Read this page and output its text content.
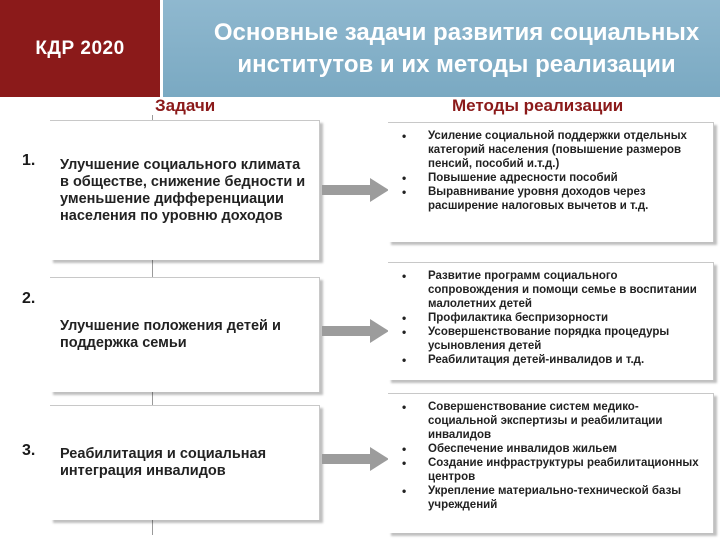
КДР 2020
Основные задачи развития социальных
институтов и их методы реализации
Задачи	Методы реализации
1. Улучшение социального климата в обществе, снижение бедности и уменьшение дифференциации населения по уровню доходов
• Усиление социальной поддержки отдельных категорий населения (повышение размеров пенсий, пособий и.т.д.)
• Повышение адресности пособий
• Выравнивание уровня доходов через расширение налоговых вычетов и т.д.
2.
Улучшение положения детей и поддержка семьи
• Развитие программ социального сопровождения и помощи семье в воспитании малолетних детей
• Профилактика беспризорности
• Усовершенствование порядка процедуры усыновления детей
• Реабилитация детей-инвалидов и т.д.
3. Реабилитация и социальная интеграция инвалидов
• Совершенствование систем медико-социальной экспертизы и реабилитации инвалидов
• Обеспечение инвалидов жильем
• Создание инфраструктуры реабилитационных центров
• Укрепление материально-технической базы учреждений
